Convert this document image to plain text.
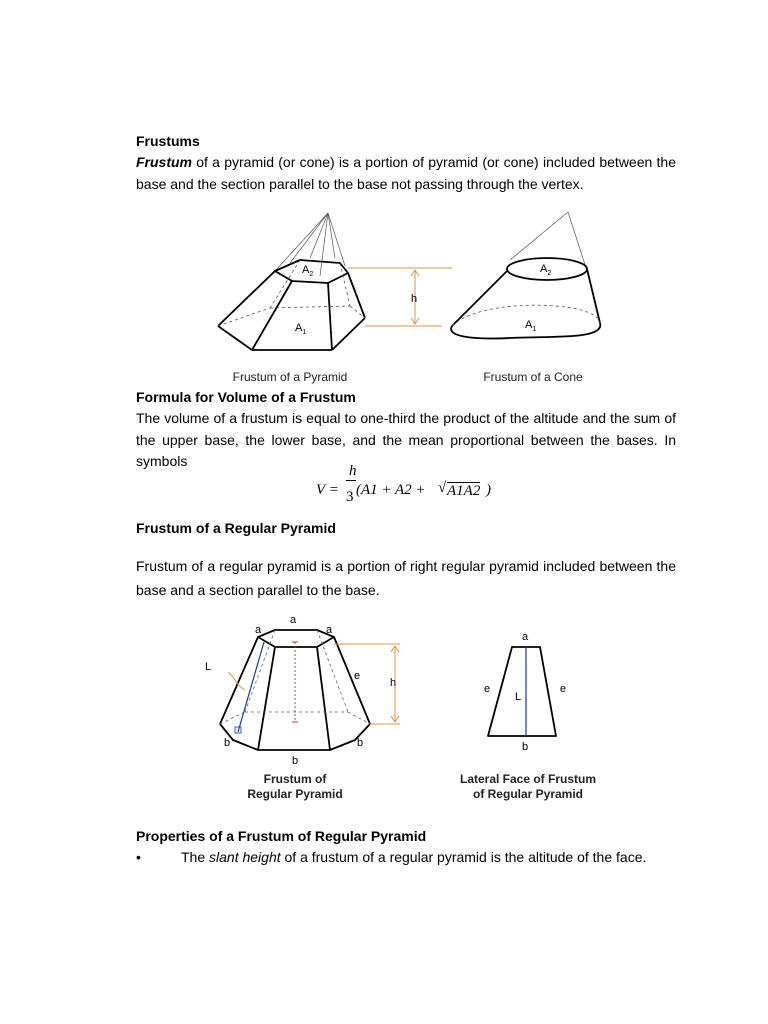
Frustums
Frustum of a pyramid (or cone) is a portion of pyramid (or cone) included between the base and the section parallel to the base not passing through the vertex.
$A_2$
$A_1$
h
$A_2$
$A_1$
Frustum of a Pyramid	Frustum of a Cone
Formula for Volume of a Frustum
The volume of a frustum is equal to one-third the product of the altitude and the sum of the upper base, the lower base, and the mean proportional between the bases. In symbols
h
V = 3 (A1 + A2 + √ A1A2 )
Frustum of a Regular Pyramid
Frustum of a regular pyramid is a portion of right regular pyramid included between the base and a section parallel to the base.
a
a	a
L
e
h
b	b
b
a
e	e
L
b
Frustum of
Regular Pyramid
Lateral Face of Frustum
of Regular Pyramid
Properties of a Frustum of Regular Pyramid
•	The slant height of a frustum of a regular pyramid is the altitude of the face.
